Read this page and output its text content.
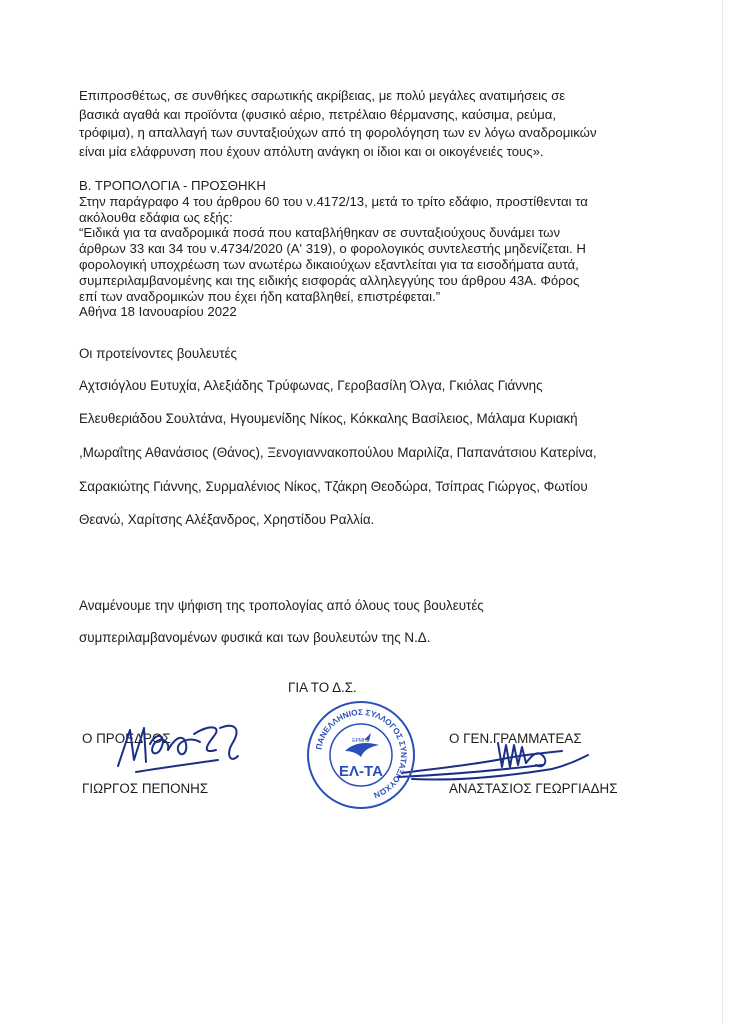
Επιπροσθέτως, σε συνθήκες σαρωτικής ακρίβειας, με πολύ μεγάλες ανατιμήσεις σε
βασικά αγαθά και προϊόντα (φυσικό αέριο, πετρέλαιο θέρμανσης, καύσιμα, ρεύμα,
τρόφιμα), η απαλλαγή των συνταξιούχων από τη φορολόγηση των εν λόγω αναδρομικών
είναι μία ελάφρυνση που έχουν απόλυτη ανάγκη οι ίδιοι και οι οικογένειές τους».
Β. ΤΡΟΠΟΛΟΓΙΑ - ΠΡΟΣΘΗΚΗ
Στην παράγραφο 4 του άρθρου 60 του ν.4172/13, μετά το τρίτο εδάφιο, προστίθενται τα
ακόλουθα εδάφια ως εξής:
“Ειδικά για τα αναδρομικά ποσά που καταβλήθηκαν σε συνταξιούχους δυνάμει των
άρθρων 33 και 34 του ν.4734/2020 (Α' 319), ο φορολογικός συντελεστής μηδενίζεται. Η
φορολογική υποχρέωση των ανωτέρω δικαιούχων εξαντλείται για τα εισοδήματα αυτά,
συμπεριλαμβανομένης και της ειδικής εισφοράς αλληλεγγύης του άρθρου 43Α. Φόρος
επί των αναδρομικών που έχει ήδη καταβληθεί, επιστρέφεται.”
Αθήνα 18 Ιανουαρίου 2022
Οι προτείνοντες βουλευτές
Αχτσιόγλου Ευτυχία, Αλεξιάδης Τρύφωνας, Γεροβασίλη Όλγα, Γκιόλας Γιάννης
Ελευθεριάδου Σουλτάνα, Ηγουμενίδης Νίκος, Κόκκαλης Βασίλειος, Μάλαμα Κυριακή
,Μωραΐτης Αθανάσιος (Θάνος), Ξενογιαννακοπούλου Μαριλίζα, Παπανάτσιου Κατερίνα,
Σαρακιώτης Γιάννης, Συρμαλένιος Νίκος, Τζάκρη Θεοδώρα, Τσίπρας Γιώργος, Φωτίου
Θεανώ, Χαρίτσης Αλέξανδρος, Χρηστίδου Ραλλία.
Αναμένουμε την ψήφιση της τροπολογίας από όλους τους βουλευτές
συμπεριλαμβανομένων φυσικά και των βουλευτών της Ν.Δ.
ΓΙΑ ΤΟ Δ.Σ.
Ο ΠΡΟΕΔΡΟΣ
ΓΙΩΡΓΟΣ ΠΕΠΟΝΗΣ
Ο ΓΕΝ.ΓΡΑΜΜΑΤΕΑΣ
ΑΝΑΣΤΑΣΙΟΣ ΓΕΩΡΓΙΑΔΗΣ
ΠΑΝΕΛΛΗΝΙΟΣ ΣΥΛΛΟΓΟΣ ΣΥΝΤΑΞΙΟΥΧΩΝ
ΕΡΜΗΣ
ΕΛ-ΤΑ
